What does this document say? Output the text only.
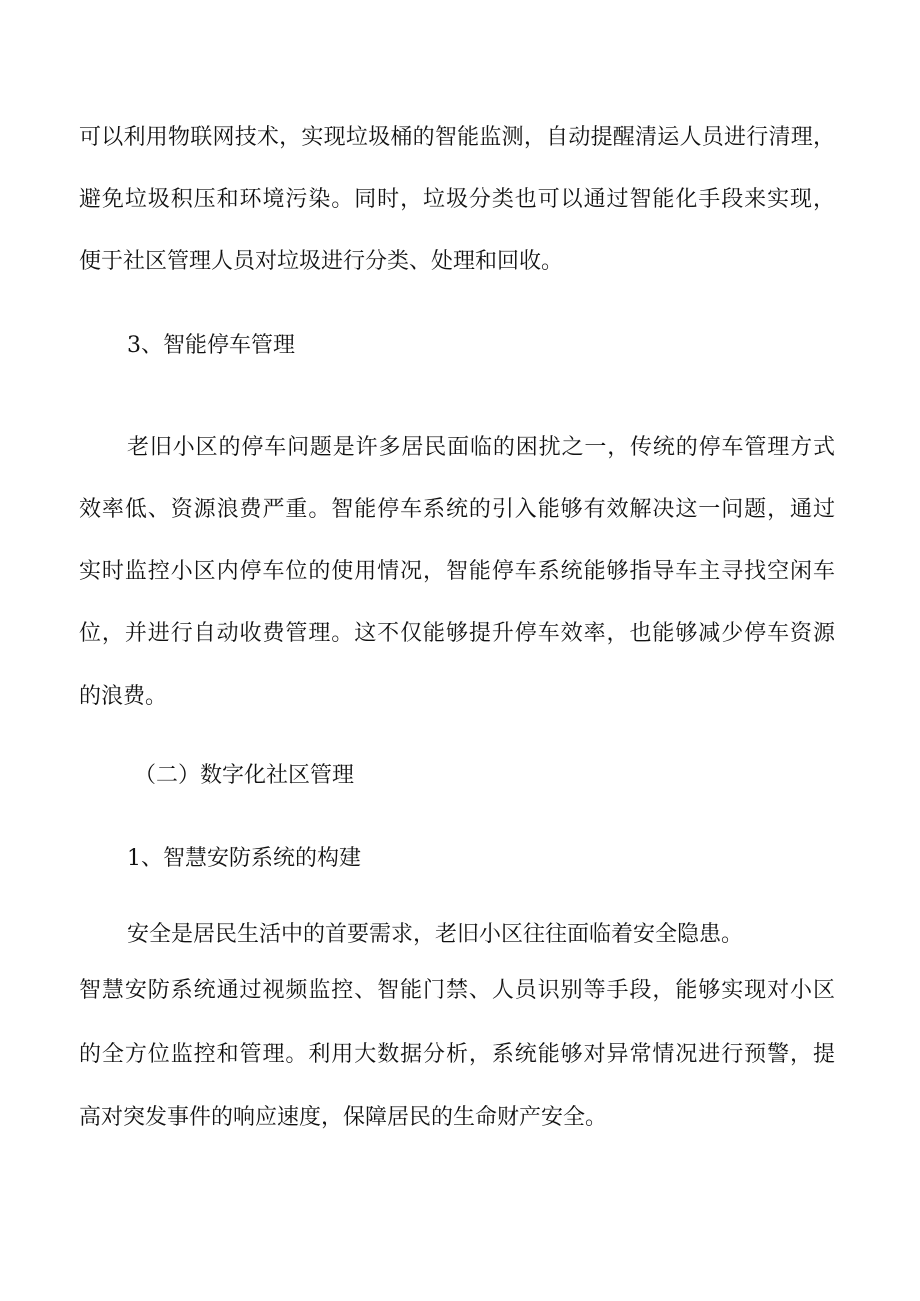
可以利用物联网技术，实现垃圾桶的智能监测，自动提醒清运人员进行清理，
避免垃圾积压和环境污染。同时，垃圾分类也可以通过智能化手段来实现，
便于社区管理人员对垃圾进行分类、处理和回收。
3、智能停车管理
老旧小区的停车问题是许多居民面临的困扰之一，传统的停车管理方式
效率低、资源浪费严重。智能停车系统的引入能够有效解决这一问题，通过
实时监控小区内停车位的使用情况，智能停车系统能够指导车主寻找空闲车
位，并进行自动收费管理。这不仅能够提升停车效率，也能够减少停车资源
的浪费。
（二）数字化社区管理
1、智慧安防系统的构建
安全是居民生活中的首要需求，老旧小区往往面临着安全隐患。
智慧安防系统通过视频监控、智能门禁、人员识别等手段，能够实现对小区
的全方位监控和管理。利用大数据分析，系统能够对异常情况进行预警，提
高对突发事件的响应速度，保障居民的生命财产安全。
